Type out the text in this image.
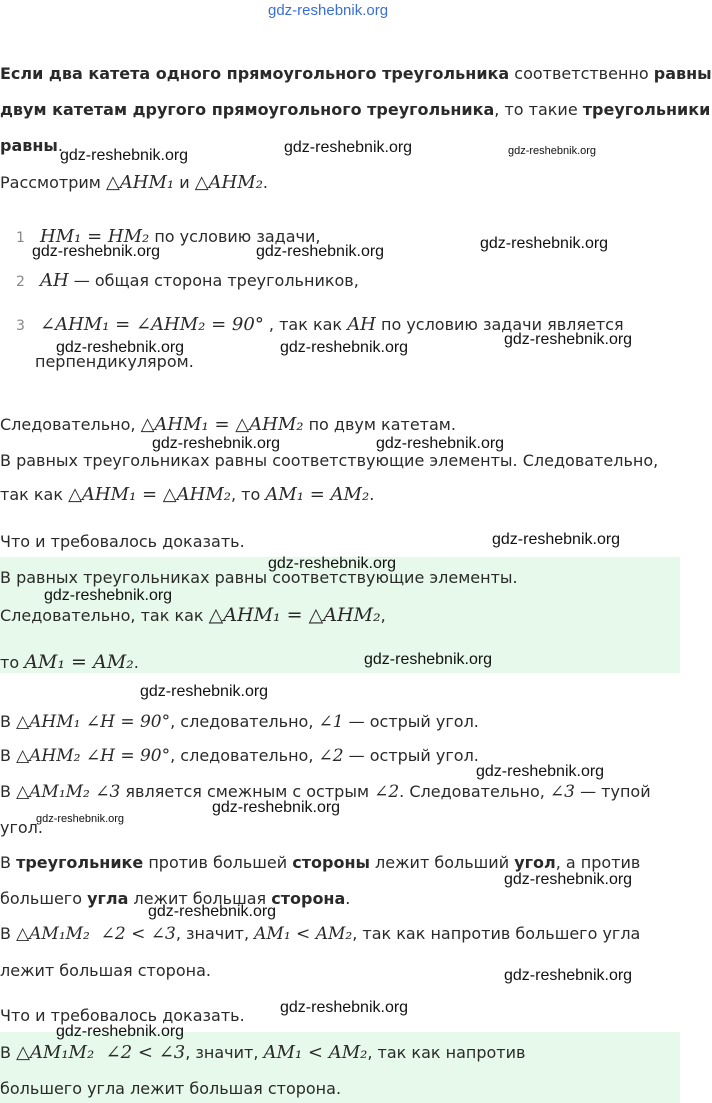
gdz-reshebnik.org
Если два катета одного прямоугольного треугольника соответственно равны
двум катетам другого прямоугольного треугольника, то такие треугольники
равны.
Рассмотрим △AHM₁ и △AHM₂.
1 HM₁ = HM₂ по условию задачи,
2 AH — общая сторона треугольников,
3 ∠AHM₁ = ∠AHM₂ = 90° , так как AH по условию задачи является
перпендикуляром.
Следовательно, △AHM₁ = △AHM₂ по двум катетам.
В равных треугольниках равны соответствующие элементы. Следовательно,
так как △AHM₁ = △AHM₂, то AM₁ = AM₂.
Что и требовалось доказать.
В равных треугольниках равны соответствующие элементы.
Следовательно, так как △AHM₁ = △AHM₂,
то AM₁ = AM₂.
В △AHM₁ ∠H = 90°, следовательно, ∠1 — острый угол.
В △AHM₂ ∠H = 90°, следовательно, ∠2 — острый угол.
В △AM₁M₂ ∠3 является смежным с острым ∠2. Следовательно, ∠3 — тупой
угол.
В треугольнике против большей стороны лежит больший угол, а против
большего угла лежит большая сторона.
В △AM₁M₂  ∠2 < ∠3, значит, AM₁ < AM₂, так как напротив большего угла
лежит большая сторона.
Что и требовалось доказать.
В △AM₁M₂  ∠2 < ∠3, значит, AM₁ < AM₂, так как напротив
большего угла лежит большая сторона.
gdz-reshebnik.org	gdz-reshebnik.org	gdz-reshebnik.org
gdz-reshebnik.org	gdz-reshebnik.org	gdz-reshebnik.org
gdz-reshebnik.org	gdz-reshebnik.org	gdz-reshebnik.org
gdz-reshebnik.org	gdz-reshebnik.org
gdz-reshebnik.org
gdz-reshebnik.org
gdz-reshebnik.org
gdz-reshebnik.org
gdz-reshebnik.org
gdz-reshebnik.org
gdz-reshebnik.org
gdz-reshebnik.org
gdz-reshebnik.org
gdz-reshebnik.org
gdz-reshebnik.org
gdz-reshebnik.org
gdz-reshebnik.org
